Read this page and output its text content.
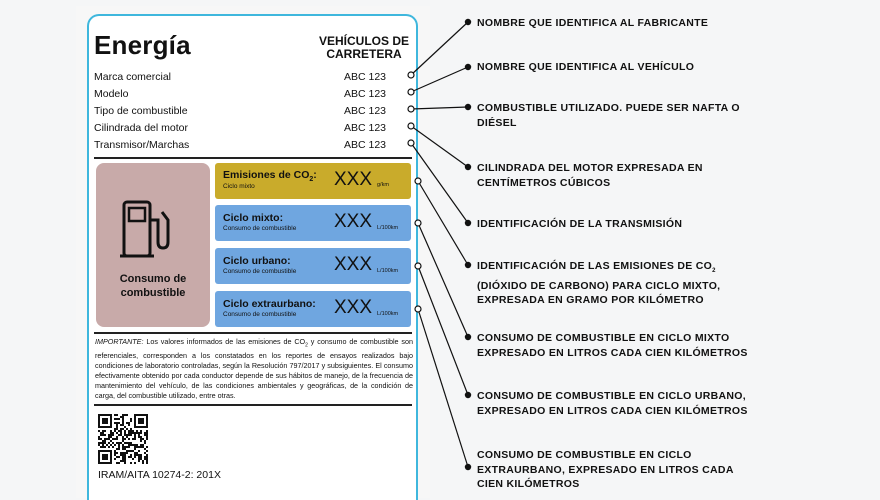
Energía	VEHÍCULOS DE CARRETERA
Marca comercial	ABC 123
Modelo	ABC 123
Tipo de combustible	ABC 123
Cilindrada del motor	ABC 123
Transmisor/Marchas	ABC 123
Consumo de combustible
Emisiones de $CO_2$:
Ciclo mixto	XXX g/km
Ciclo mixto:
Consumo de combustible XXX L/100km
Ciclo urbano:
Consumo de combustible XXX L/100km
Ciclo extraurbano:
Consumo de combustible XXX L/100km
IMPORTANTE: Los valores informados de las emisiones de $CO_2$ y consumo de combustible son referenciales, corresponden a los constatados en los reportes de ensayos realizados bajo condiciones de laboratorio controladas, según la Resolución 797/2017 y subsiguientes. El consumo efectivamente obtenido por cada conductor depende de sus hábitos de manejo, de la frecuencia de mantenimiento del vehículo, de las condiciones ambientales y geográficas, de la condición de carga, del combustible utilizado, entre otras.
IRAM/AITA 10274-2: 201X
NOMBRE QUE IDENTIFICA AL FABRICANTE
NOMBRE QUE IDENTIFICA AL VEHÍCULO
COMBUSTIBLE UTILIZADO. PUEDE SER NAFTA O
DIÉSEL
CILINDRADA DEL MOTOR EXPRESADA EN
CENTÍMETROS CÚBICOS
IDENTIFICACIÓN DE LA TRANSMISIÓN
IDENTIFICACIÓN DE LAS EMISIONES DE $CO_2$
(DIÓXIDO DE CARBONO) PARA CICLO MIXTO,
EXPRESADA EN GRAMO POR KILÓMETRO
CONSUMO DE COMBUSTIBLE EN CICLO MIXTO
EXPRESADO EN LITROS CADA CIEN KILÓMETROS
CONSUMO DE COMBUSTIBLE EN CICLO URBANO,
EXPRESADO EN LITROS CADA CIEN KILÓMETROS
CONSUMO DE COMBUSTIBLE EN CICLO
EXTRAURBANO, EXPRESADO EN LITROS CADA
CIEN KILÓMETROS
